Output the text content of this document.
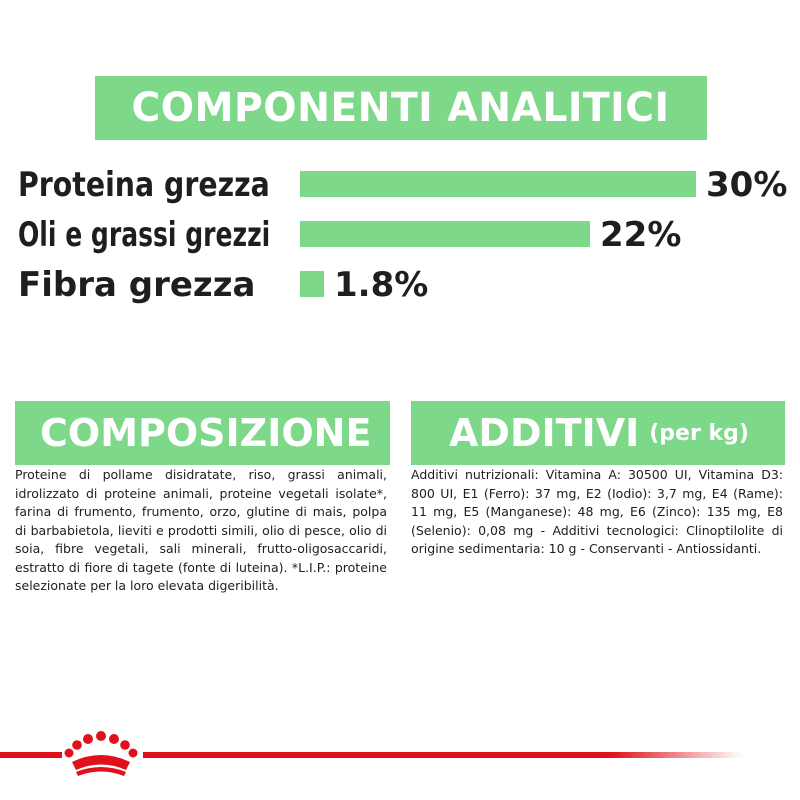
COMPONENTI ANALITICI
Proteina grezza	30%
Oli e grassi grezzi	22%
Fibra grezza	1.8%
COMPOSIZIONE
Proteine di pollame disidratate, riso, grassi animali, idrolizzato di proteine animali, proteine vegetali isolate*, farina di frumento, frumento, orzo, glutine di mais, polpa di barbabietola, lieviti e prodotti simili, olio di pesce, olio di soia, fibre vegetali, sali minerali, frutto-oligosaccaridi, estratto di fiore di tagete (fonte di luteina). *L.I.P.: proteine selezionate per la loro elevata digeribilità.
ADDITIVI (per kg)
Additivi nutrizionali: Vitamina A: 30500 UI, Vitamina D3: 800 UI, E1 (Ferro): 37 mg, E2 (Iodio): 3,7 mg, E4 (Rame): 11 mg, E5 (Manganese): 48 mg, E6 (Zinco): 135 mg, E8 (Selenio): 0,08 mg - Additivi tecnologici: Clinoptilolite di origine sedimentaria: 10 g - Conservanti - Antiossidanti.
